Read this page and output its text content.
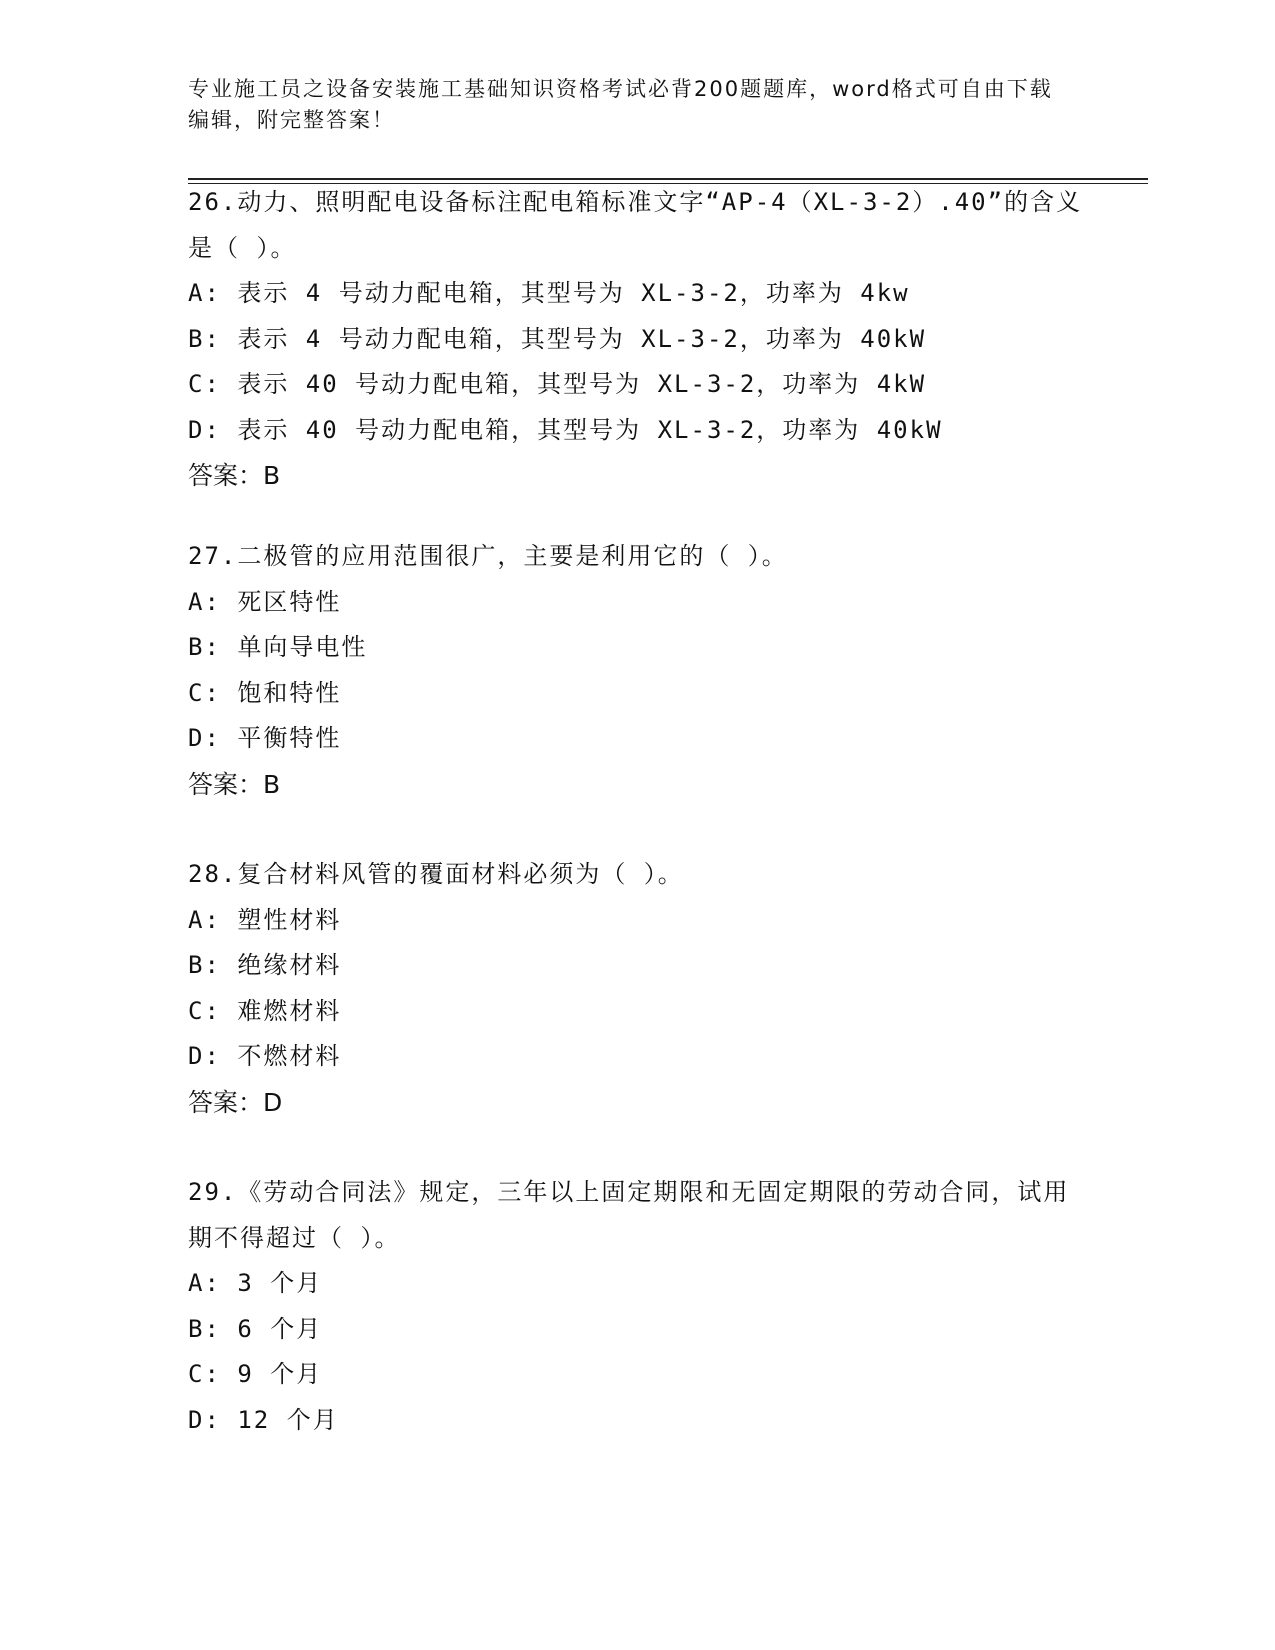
专业施工员之设备安装施工基础知识资格考试必背200题题库，word格式可自由下载编辑，附完整答案！
26.动力、照明配电设备标注配电箱标准文字“AP-4（XL-3-2）.40”的含义是（ ）。
A: 表示 4 号动力配电箱，其型号为 XL-3-2，功率为 4kw
B: 表示 4 号动力配电箱，其型号为 XL-3-2，功率为 40kW
C: 表示 40 号动力配电箱，其型号为 XL-3-2，功率为 4kW
D: 表示 40 号动力配电箱，其型号为 XL-3-2，功率为 40kW
答案：B
27.二极管的应用范围很广，主要是利用它的（ ）。
A: 死区特性
B: 单向导电性
C: 饱和特性
D: 平衡特性
答案：B
28.复合材料风管的覆面材料必须为（ ）。
A: 塑性材料
B: 绝缘材料
C: 难燃材料
D: 不燃材料
答案：D
29.《劳动合同法》规定，三年以上固定期限和无固定期限的劳动合同，试用期不得超过（ ）。
A: 3 个月
B: 6 个月
C: 9 个月
D: 12 个月
